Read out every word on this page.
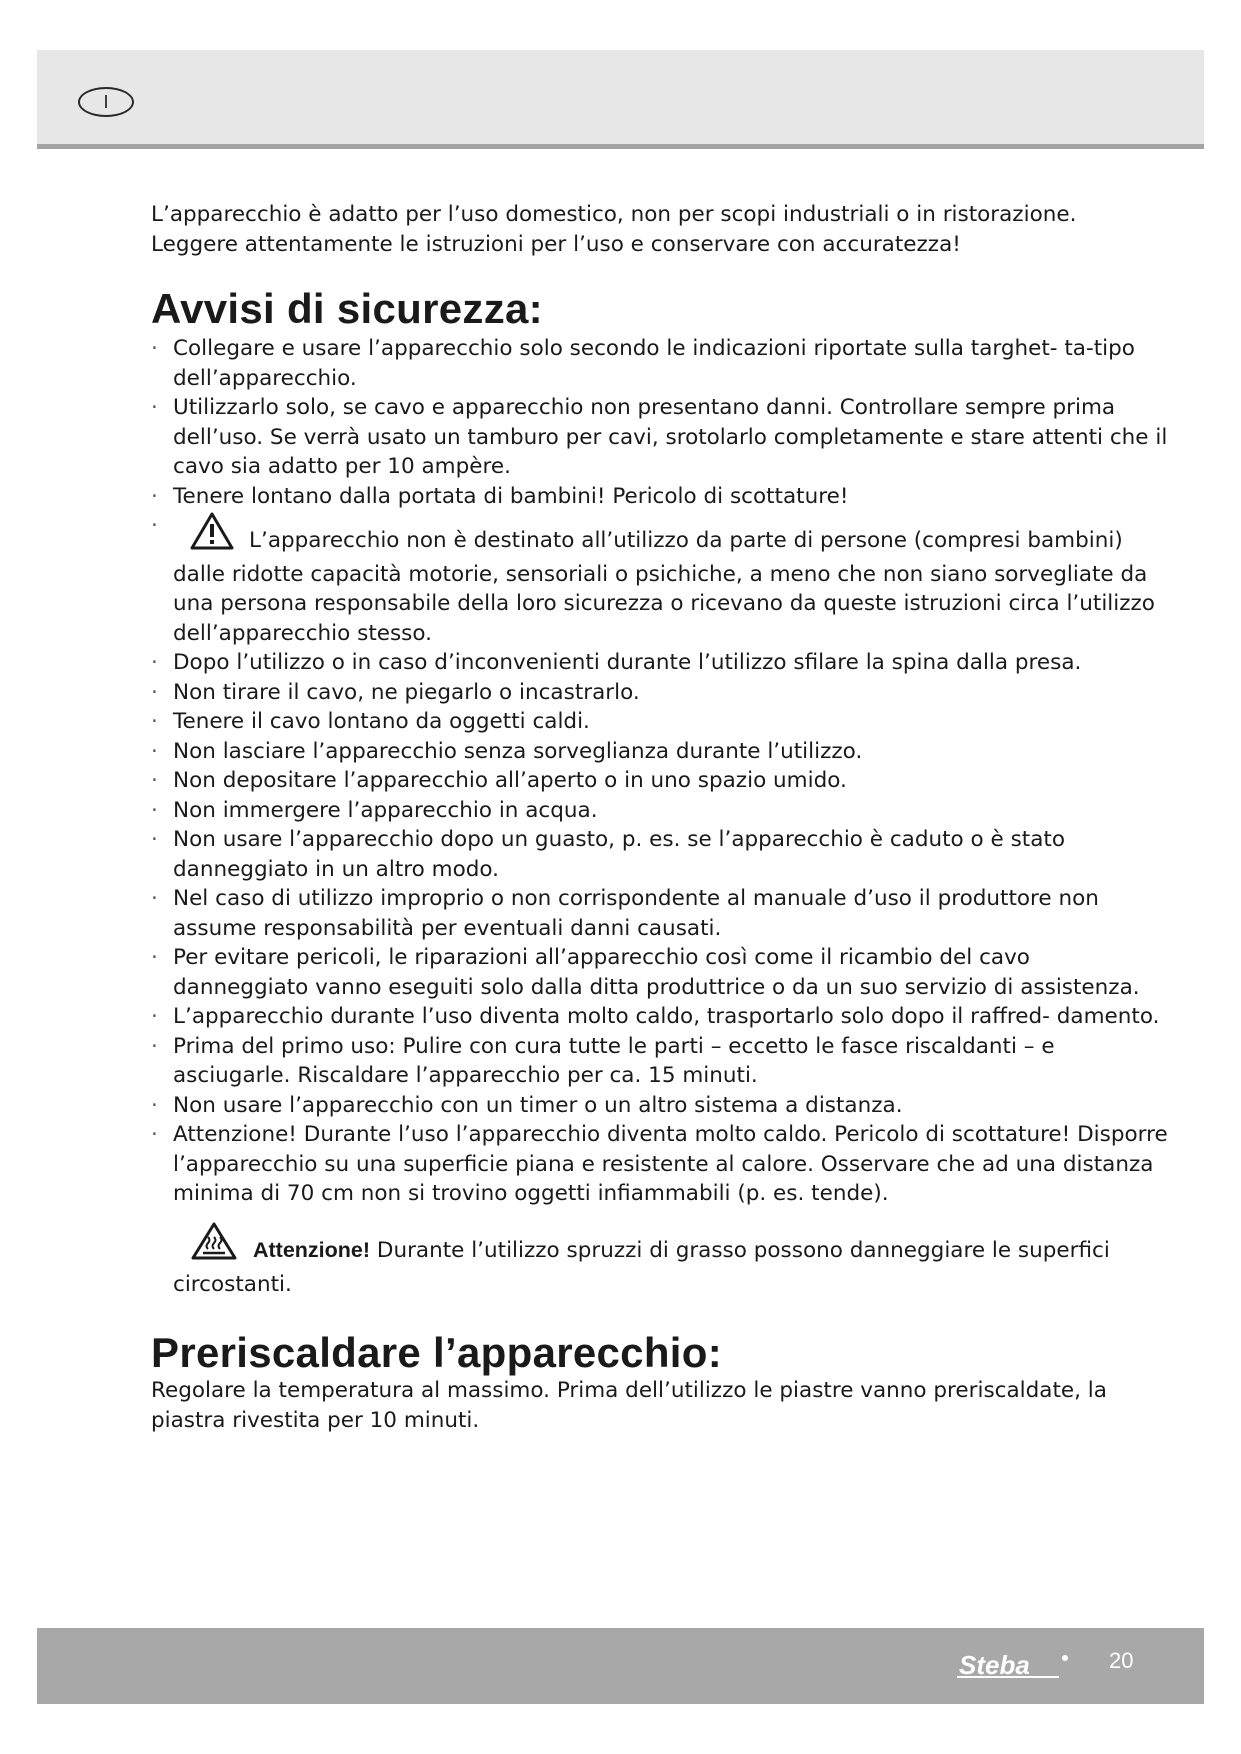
I

L’apparecchio è adatto per l’uso domestico, non per scopi industriali o in ristorazione.

Leggere attentamente le istruzioni per l’uso e conservare con accuratezza!

Avvisi di sicurezza:
· Collegare e usare l’apparecchio solo secondo le indicazioni riportate sulla targhet- ta-tipo dell’apparecchio.
· Utilizzarlo solo, se cavo e apparecchio non presentano danni. Controllare sempre prima dell’uso. Se verrà usato un tamburo per cavi, srotolarlo completamente e stare attenti che il cavo sia adatto per 10 ampère.
· Tenere lontano dalla portata di bambini! Pericolo di scottature!
·
L’apparecchio non è destinato all’utilizzo da parte di persone (compresi bambini) dalle ridotte capacità motorie, sensoriali o psichiche, a meno che non siano sorvegliate da una persona responsabile della loro sicurezza o ricevano da queste istruzioni circa l’utilizzo dell’apparecchio stesso.
· Dopo l’utilizzo o in caso d’inconvenienti durante l’utilizzo sfilare la spina dalla presa.
· Non tirare il cavo, ne piegarlo o incastrarlo.
· Tenere il cavo lontano da oggetti caldi.
· Non lasciare l’apparecchio senza sorveglianza durante l’utilizzo.
· Non depositare l’apparecchio all’aperto o in uno spazio umido.
· Non immergere l’apparecchio in acqua.
· Non usare l’apparecchio dopo un guasto, p. es. se l’apparecchio è caduto o è stato danneggiato in un altro modo.
· Nel caso di utilizzo improprio o non corrispondente al manuale d’uso il produttore non assume responsabilità per eventuali danni causati.
· Per evitare pericoli, le riparazioni all’apparecchio così come il ricambio del cavo danneggiato vanno eseguiti solo dalla ditta produttrice o da un suo servizio di assistenza.
· L’apparecchio durante l’uso diventa molto caldo, trasportarlo solo dopo il raffred- damento.
· Prima del primo uso: Pulire con cura tutte le parti – eccetto le fasce riscaldanti – e asciugarle. Riscaldare l’apparecchio per ca. 15 minuti.
· Non usare l’apparecchio con un timer o un altro sistema a distanza.
· Attenzione! Durante l’uso l’apparecchio diventa molto caldo. Pericolo di scottature! Disporre l’apparecchio su una superficie piana e resistente al calore. Osservare che ad una distanza minima di 70 cm non si trovino oggetti infiammabili (p. es. tende).
Attenzione! Durante l’utilizzo spruzzi di grasso possono danneggiare le superfici circostanti.
Preriscaldare l’apparecchio:

Regolare la temperatura al massimo. Prima dell’utilizzo le piastre vanno preriscaldate, la piastra rivestita per 10 minuti.

Steba	20
